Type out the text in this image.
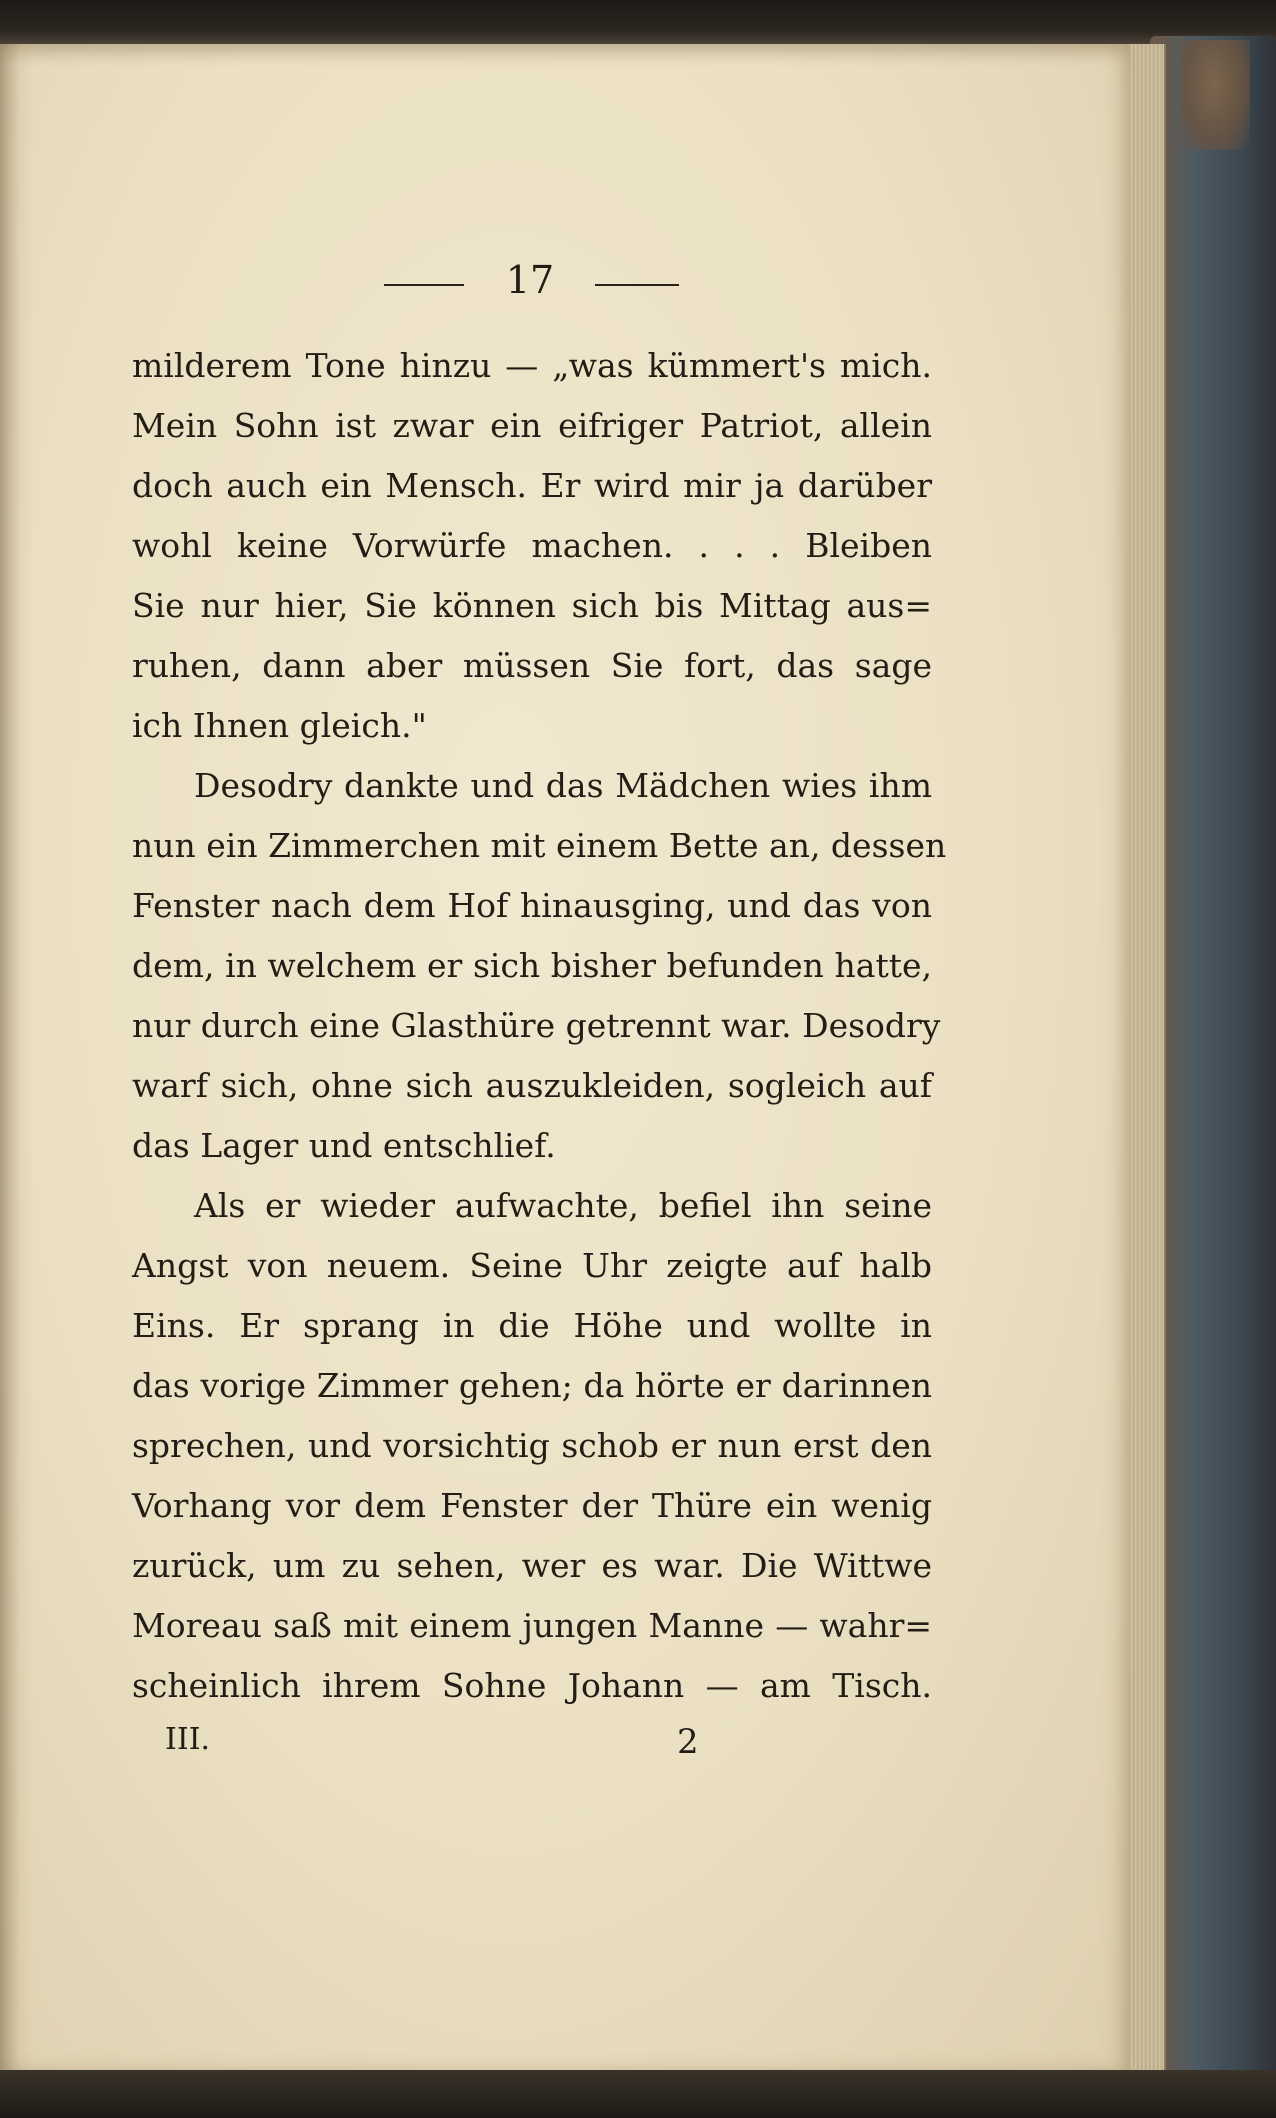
17
milderem Tone hinzu — „was kümmert's mich.
Mein Sohn ist zwar ein eifriger Patriot, allein
doch auch ein Mensch. Er wird mir ja darüber
wohl keine Vorwürfe machen. . . . Bleiben
Sie nur hier, Sie können sich bis Mittag aus=
ruhen, dann aber müssen Sie fort, das sage
ich Ihnen gleich."
Desodry dankte und das Mädchen wies ihm
nun ein Zimmerchen mit einem Bette an, dessen
Fenster nach dem Hof hinausging, und das von
dem, in welchem er sich bisher befunden hatte,
nur durch eine Glasthüre getrennt war. Desodry
warf sich, ohne sich auszukleiden, sogleich auf
das Lager und entschlief.
Als er wieder aufwachte, befiel ihn seine
Angst von neuem. Seine Uhr zeigte auf halb
Eins. Er sprang in die Höhe und wollte in
das vorige Zimmer gehen; da hörte er darinnen
sprechen, und vorsichtig schob er nun erst den
Vorhang vor dem Fenster der Thüre ein wenig
zurück, um zu sehen, wer es war. Die Wittwe
Moreau saß mit einem jungen Manne — wahr=
scheinlich ihrem Sohne Johann — am Tisch.
III.	2
